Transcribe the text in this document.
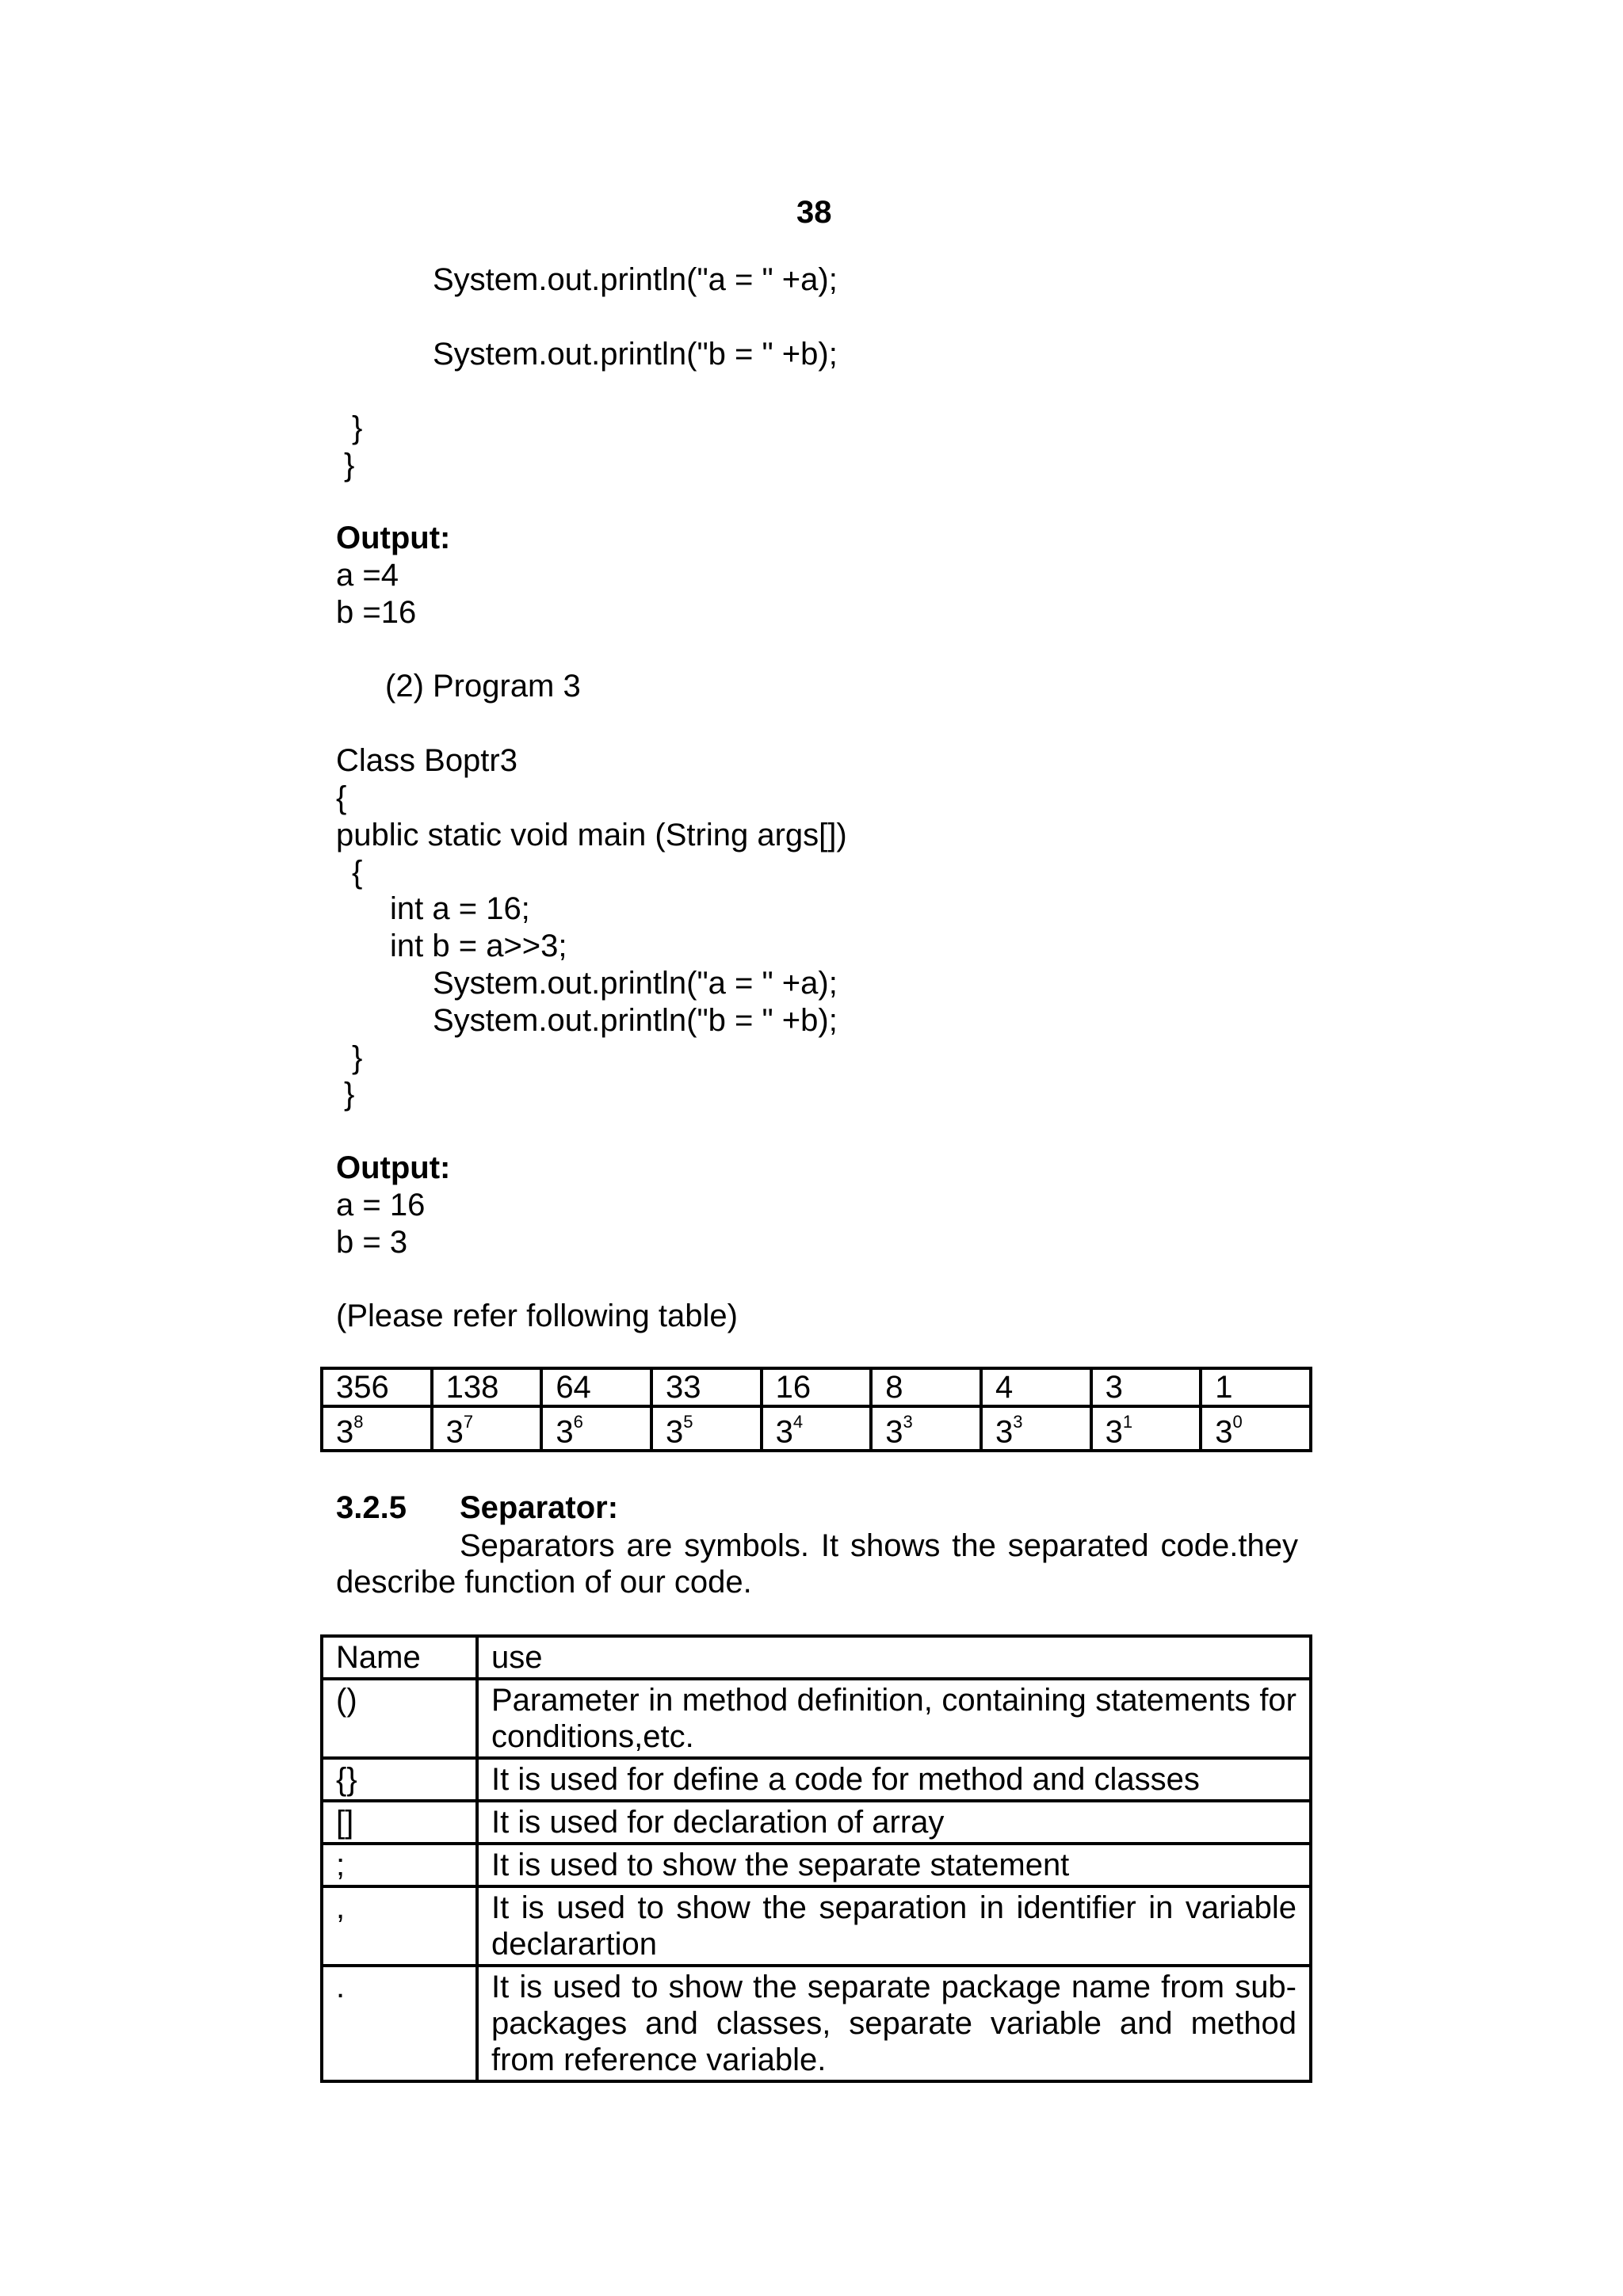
38
System.out.println("a = " +a);
System.out.println("b = " +b);
}
}
Output:
a =4
b =16
(2) Program 3
Class Boptr3
{
public static void main (String args[])
{
int a = 16;
int b = a>>3;
System.out.println("a = " +a);
System.out.println("b = " +b);
}
}
Output:
a = 16
b = 3
(Please refer following table)
356	138	64	33	16	8	4	3	1
$3^8$	$3^7$	$3^6$	$3^5$	$3^4$	$3^3$	$3^3$	$3^1$	$3^0$
3.2.5 Separator:
Separators are symbols. It shows the separated code.they describe function of our code.
Name	use
()	Parameter in method definition, containing statements for conditions,etc.
{}	It is used for define a code for method and classes
[]	It is used for declaration of array
;	It is used to show the separate statement
,	It is used to show the separation in identifier in variable declarartion
.	It is used to show the separate package name from sub-packages and classes, separate variable and method from reference variable.
